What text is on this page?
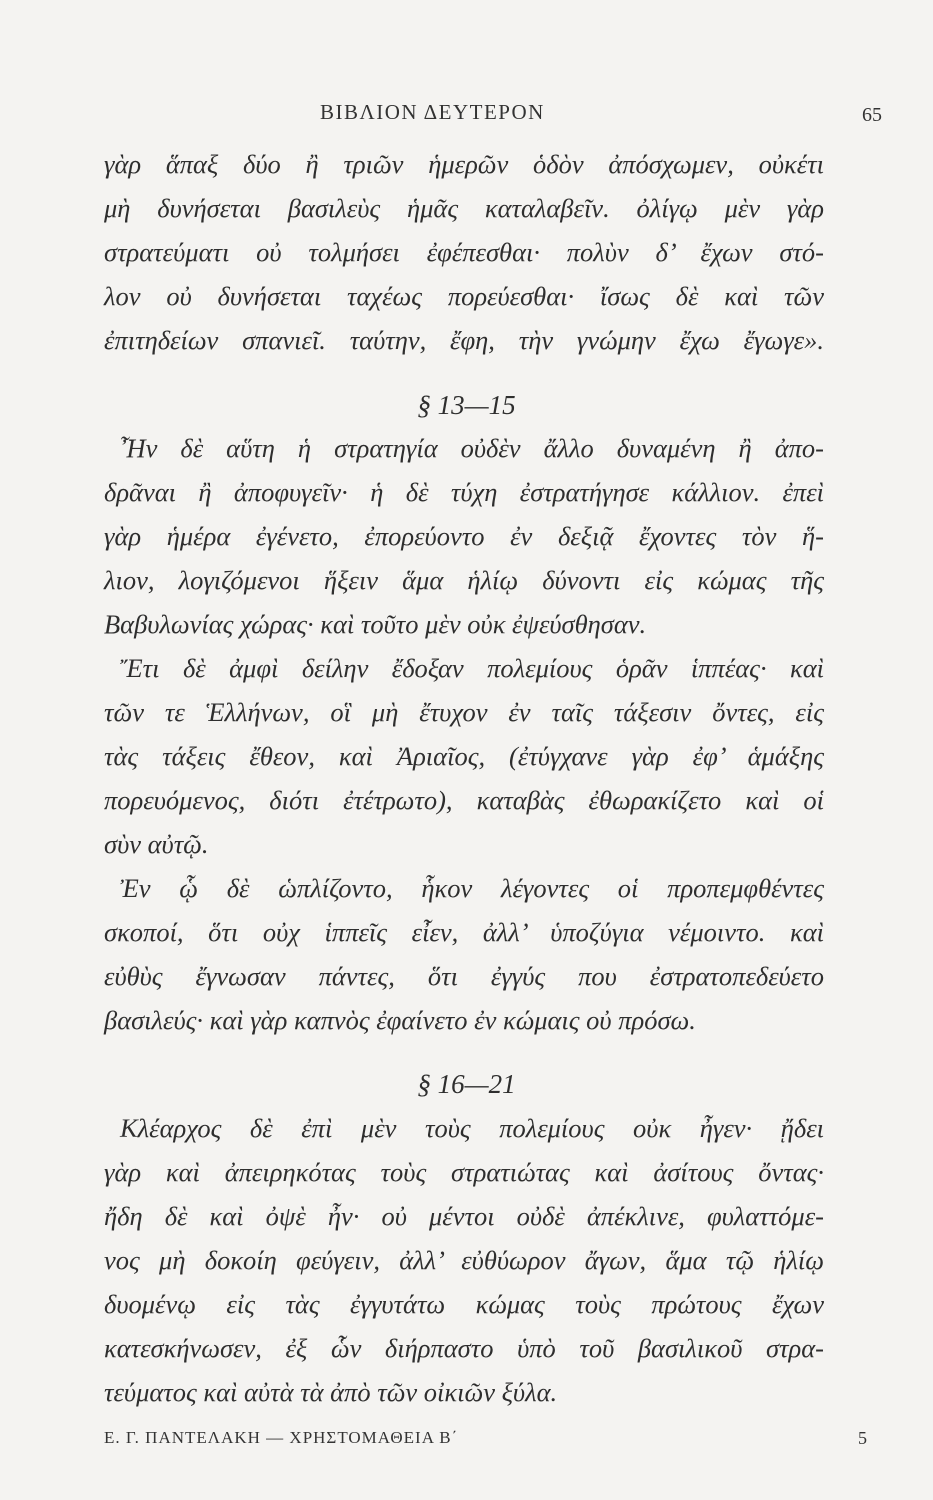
ΒΙΒΛΙΟΝ ΔΕΥΤΕΡΟΝ	65
γὰρ ἅπαξ δύο ἢ τριῶν ἡμερῶν ὁδὸν ἀπόσχωμεν, οὐκέτι
μὴ δυνήσεται βασιλεὺς ἡμᾶς καταλαβεῖν. ὀλίγῳ μὲν γὰρ
στρατεύματι οὐ τολμήσει ἐφέπεσθαι· πολὺν δ’ ἔχων στό-
λον οὐ δυνήσεται ταχέως πορεύεσθαι· ἴσως δὲ καὶ τῶν
ἐπιτηδείων σπανιεῖ. ταύτην, ἔφη, τὴν γνώμην ἔχω ἔγωγε».
§ 13—15
Ἦν δὲ αὕτη ἡ στρατηγία οὐδὲν ἄλλο δυναμένη ἢ ἀπο-
δρᾶναι ἢ ἀποφυγεῖν· ἡ δὲ τύχη ἐστρατήγησε κάλλιον. ἐπεὶ
γὰρ ἡμέρα ἐγένετο, ἐπορεύοντο ἐν δεξιᾷ ἔχοντες τὸν ἥ-
λιον, λογιζόμενοι ἥξειν ἅμα ἡλίῳ δύνοντι εἰς κώμας τῆς
Βαβυλωνίας χώρας· καὶ τοῦτο μὲν οὐκ ἐψεύσθησαν.
Ἔτι δὲ ἀμφὶ δείλην ἔδοξαν πολεμίους ὁρᾶν ἱππέας· καὶ
τῶν τε Ἑλλήνων, οἳ μὴ ἔτυχον ἐν ταῖς τάξεσιν ὄντες, εἰς
τὰς τάξεις ἔθεον, καὶ Ἀριαῖος, (ἐτύγχανε γὰρ ἐφ’ ἁμάξης
πορευόμενος, διότι ἐτέτρωτο), καταβὰς ἐθωρακίζετο καὶ οἱ
σὺν αὐτῷ.
Ἐν ᾧ δὲ ὡπλίζοντο, ἧκον λέγοντες οἱ προπεμφθέντες
σκοποί, ὅτι οὐχ ἱππεῖς εἶεν, ἀλλ’ ὑποζύγια νέμοιντο. καὶ
εὐθὺς ἔγνωσαν πάντες, ὅτι ἐγγύς που ἐστρατοπεδεύετο
βασιλεύς· καὶ γὰρ καπνὸς ἐφαίνετο ἐν κώμαις οὐ πρόσω.
§ 16—21
Κλέαρχος δὲ ἐπὶ μὲν τοὺς πολεμίους οὐκ ἦγεν· ᾔδει
γὰρ καὶ ἀπειρηκότας τοὺς στρατιώτας καὶ ἀσίτους ὄντας·
ἤδη δὲ καὶ ὀψὲ ἦν· οὐ μέντοι οὐδὲ ἀπέκλινε, φυλαττόμε-
νος μὴ δοκοίη φεύγειν, ἀλλ’ εὐθύωρον ἄγων, ἅμα τῷ ἡλίῳ
δυομένῳ εἰς τὰς ἐγγυτάτω κώμας τοὺς πρώτους ἔχων
κατεσκήνωσεν, ἐξ ὧν διήρπαστο ὑπὸ τοῦ βασιλικοῦ στρα-
τεύματος καὶ αὐτὰ τὰ ἀπὸ τῶν οἰκιῶν ξύλα.
Ε. Γ. ΠΑΝΤΕΛΑΚΗ — ΧΡΗΣΤΟΜΑΘΕΙΑ Β΄	5
